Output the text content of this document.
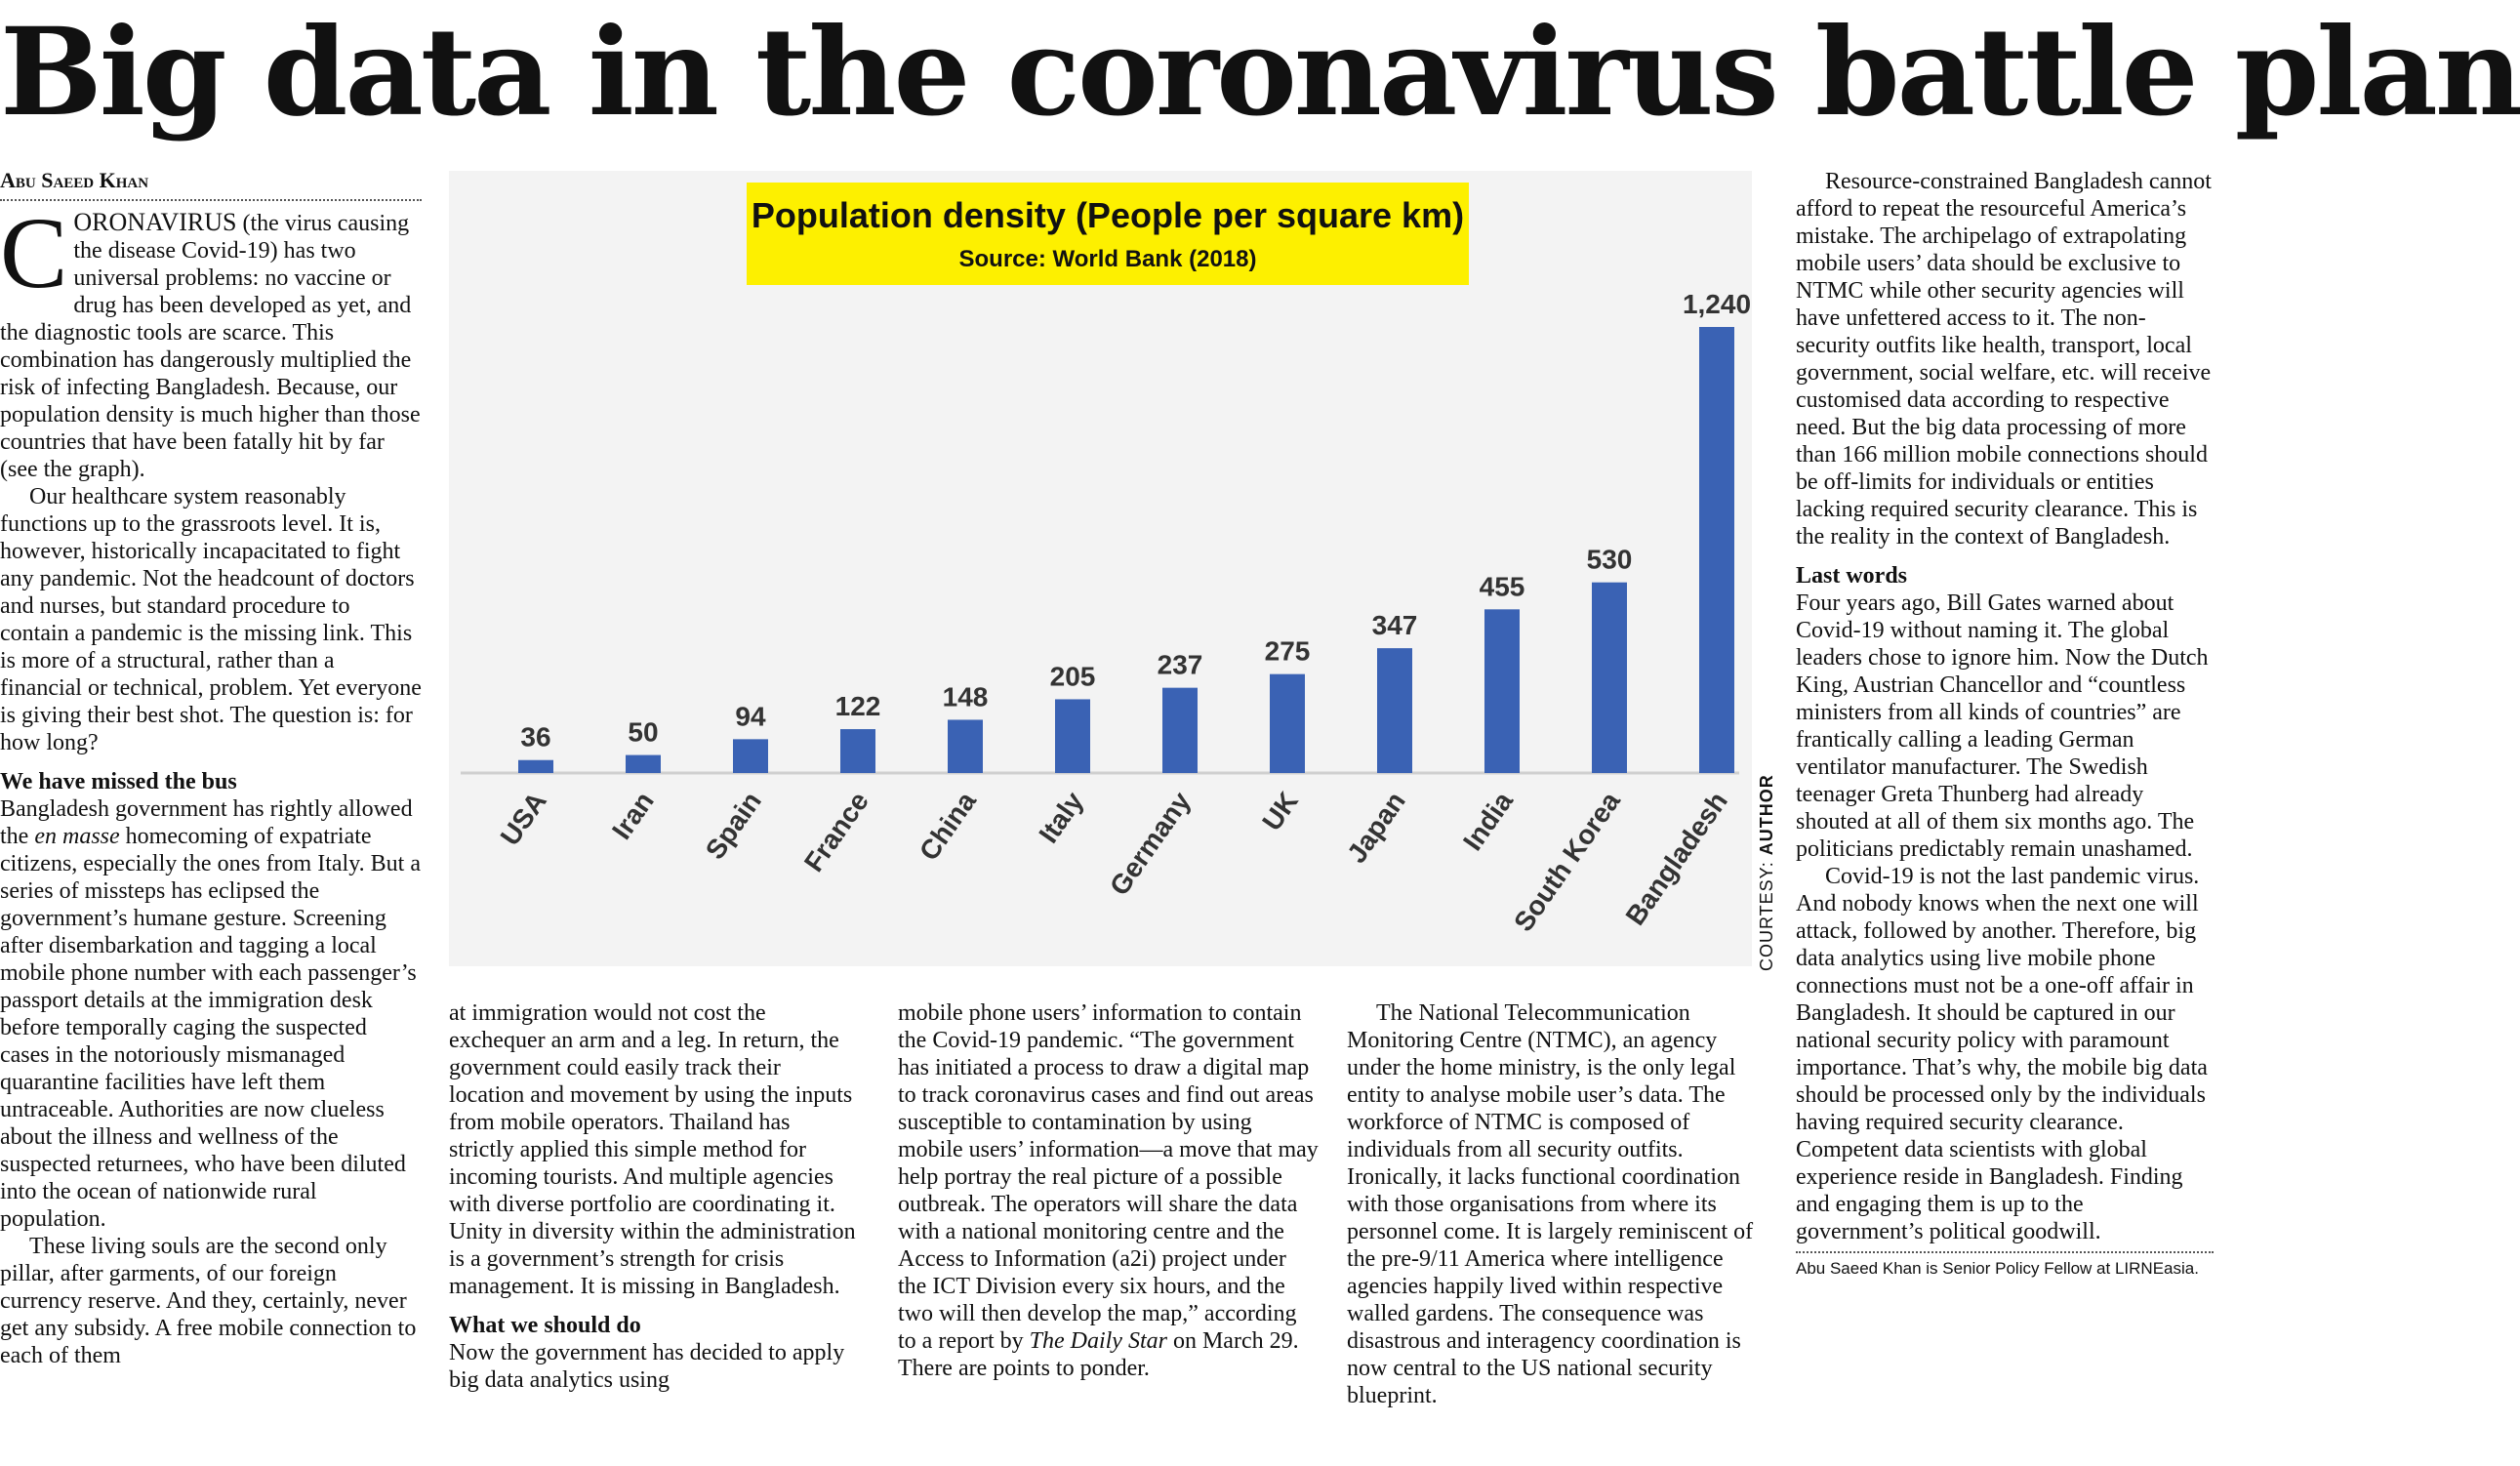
Big data in the coronavirus battle plan
Abu Saeed Khan

CORONAVIRUS (the virus causing the disease Covid-19) has two universal problems: no vaccine or drug has been developed as yet, and the diagnostic tools are scarce. This combination has dangerously multiplied the risk of infecting Bangladesh. Because, our population density is much higher than those countries that have been fatally hit by far (see the graph).

Our healthcare system reasonably functions up to the grassroots level. It is, however, historically incapacitated to fight any pandemic. Not the headcount of doctors and nurses, but standard procedure to contain a pandemic is the missing link. This is more of a structural, rather than a financial or technical, problem. Yet everyone is giving their best shot. The question is: for how long?

We have missed the bus

Bangladesh government has rightly allowed the en masse homecoming of expatriate citizens, especially the ones from Italy. But a series of missteps has eclipsed the government’s humane gesture. Screening after disembarkation and tagging a local mobile phone number with each passenger’s passport details at the immigration desk before temporally caging the suspected cases in the notoriously mismanaged quarantine facilities have left them untraceable. Authorities are now clueless about the illness and wellness of the suspected returnees, who have been diluted into the ocean of nationwide rural population.

These living souls are the second only pillar, after garments, of our foreign currency reserve. And they, certainly, never get any subsidy. A free mobile connection to each of them

Population density (People per square km)
Source: World Bank (2018)
36
USA
50
Iran
94
Spain
122
France
148
China
205
Italy
237
Germany
275
UK
347
Japan
455
India
530
South Korea
1,240
Bangladesh COURTESY: AUTHOR

at immigration would not cost the exchequer an arm and a leg. In return, the government could easily track their location and movement by using the inputs from mobile operators. Thailand has strictly applied this simple method for incoming tourists. And multiple agencies with diverse portfolio are coordinating it. Unity in diversity within the administration is a government’s strength for crisis management. It is missing in Bangladesh.

What we should do

Now the government has decided to apply big data analytics using

mobile phone users’ information to contain the Covid-19 pandemic. “The government has initiated a process to draw a digital map to track coronavirus cases and find out areas susceptible to contamination by using mobile users’ information—a move that may help portray the real picture of a possible outbreak. The operators will share the data with a national monitoring centre and the Access to Information (a2i) project under the ICT Division every six hours, and the two will then develop the map,” according to a report by The Daily Star on March 29. There are points to ponder.

The National Telecommunication Monitoring Centre (NTMC), an agency under the home ministry, is the only legal entity to analyse mobile user’s data. The workforce of NTMC is composed of individuals from all security outfits. Ironically, it lacks functional coordination with those organisations from where its personnel come. It is largely reminiscent of the pre-9/11 America where intelligence agencies happily lived within respective walled gardens. The consequence was disastrous and interagency coordination is now central to the US national security blueprint.

Resource-constrained Bangladesh cannot afford to repeat the resourceful America’s mistake. The archipelago of extrapolating mobile users’ data should be exclusive to NTMC while other security agencies will have unfettered access to it. The non-security outfits like health, transport, local government, social welfare, etc. will receive customised data according to respective need. But the big data processing of more than 166 million mobile connections should be off-limits for individuals or entities lacking required security clearance. This is the reality in the context of Bangladesh.

Last words

Four years ago, Bill Gates warned about Covid-19 without naming it. The global leaders chose to ignore him. Now the Dutch King, Austrian Chancellor and “countless ministers from all kinds of countries” are frantically calling a leading German ventilator manufacturer. The Swedish teenager Greta Thunberg had already shouted at all of them six months ago. The politicians predictably remain unashamed.

Covid-19 is not the last pandemic virus. And nobody knows when the next one will attack, followed by another. Therefore, big data analytics using live mobile phone connections must not be a one-off affair in Bangladesh. It should be captured in our national security policy with paramount importance. That’s why, the mobile big data should be processed only by the individuals having required security clearance. Competent data scientists with global experience reside in Bangladesh. Finding and engaging them is up to the government’s political goodwill.

Abu Saeed Khan is Senior Policy Fellow at LIRNEasia.
